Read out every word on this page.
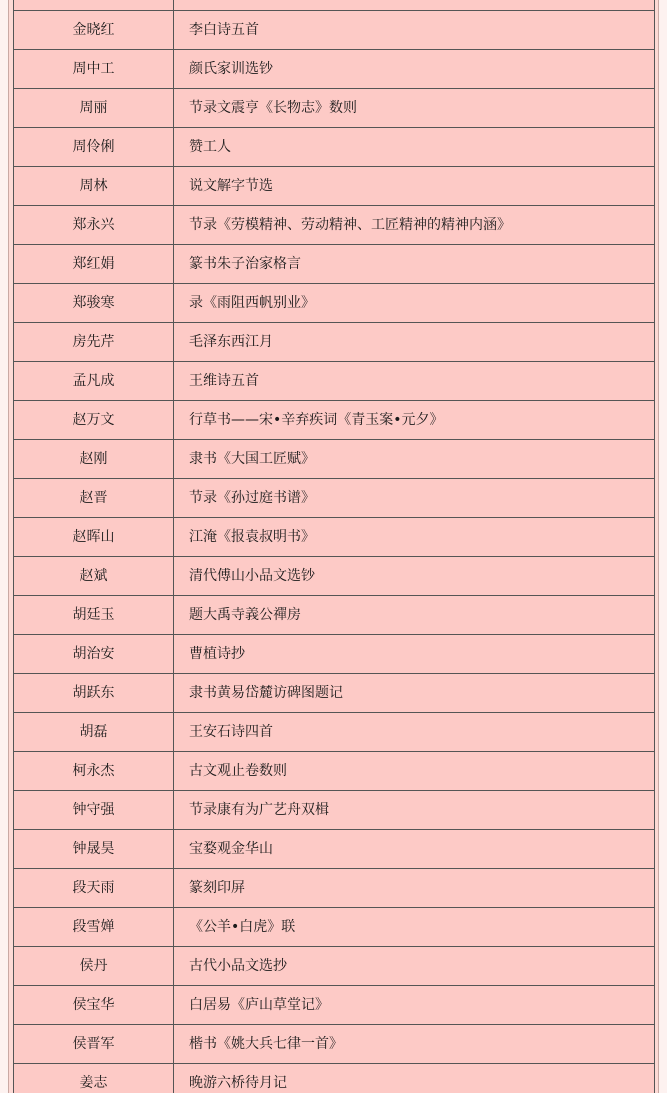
金晓红	李白诗五首
周中工	颜氏家训选钞
周丽	节录文震亨《长物志》数则
周伶俐	赞工人
周林	说文解字节选
郑永兴	节录《劳模精神、劳动精神、工匠精神的精神内涵》
郑红娟	篆书朱子治家格言
郑骏寒	录《雨阻西帆别业》
房先芹	毛泽东西江月
孟凡成	王维诗五首
赵万文	行草书——宋•辛弃疾词《青玉案•元夕》
赵刚	隶书《大国工匠赋》
赵晋	节录《孙过庭书谱》
赵晖山	江淹《报袁叔明书》
赵斌	清代傅山小品文选钞
胡廷玉	题大禹寺義公禪房
胡治安	曹植诗抄
胡跃东	隶书黄易岱麓访碑图题记
胡磊	王安石诗四首
柯永杰	古文观止卷数则
钟守强	节录康有为广艺舟双楫
钟晟昊	宝婺观金华山
段天雨	篆刻印屏
段雪婵	《公羊•白虎》联
侯丹	古代小品文选抄
侯宝华	白居易《庐山草堂记》
侯晋军	楷书《姚大兵七律一首》
姜志	晚游六桥待月记
